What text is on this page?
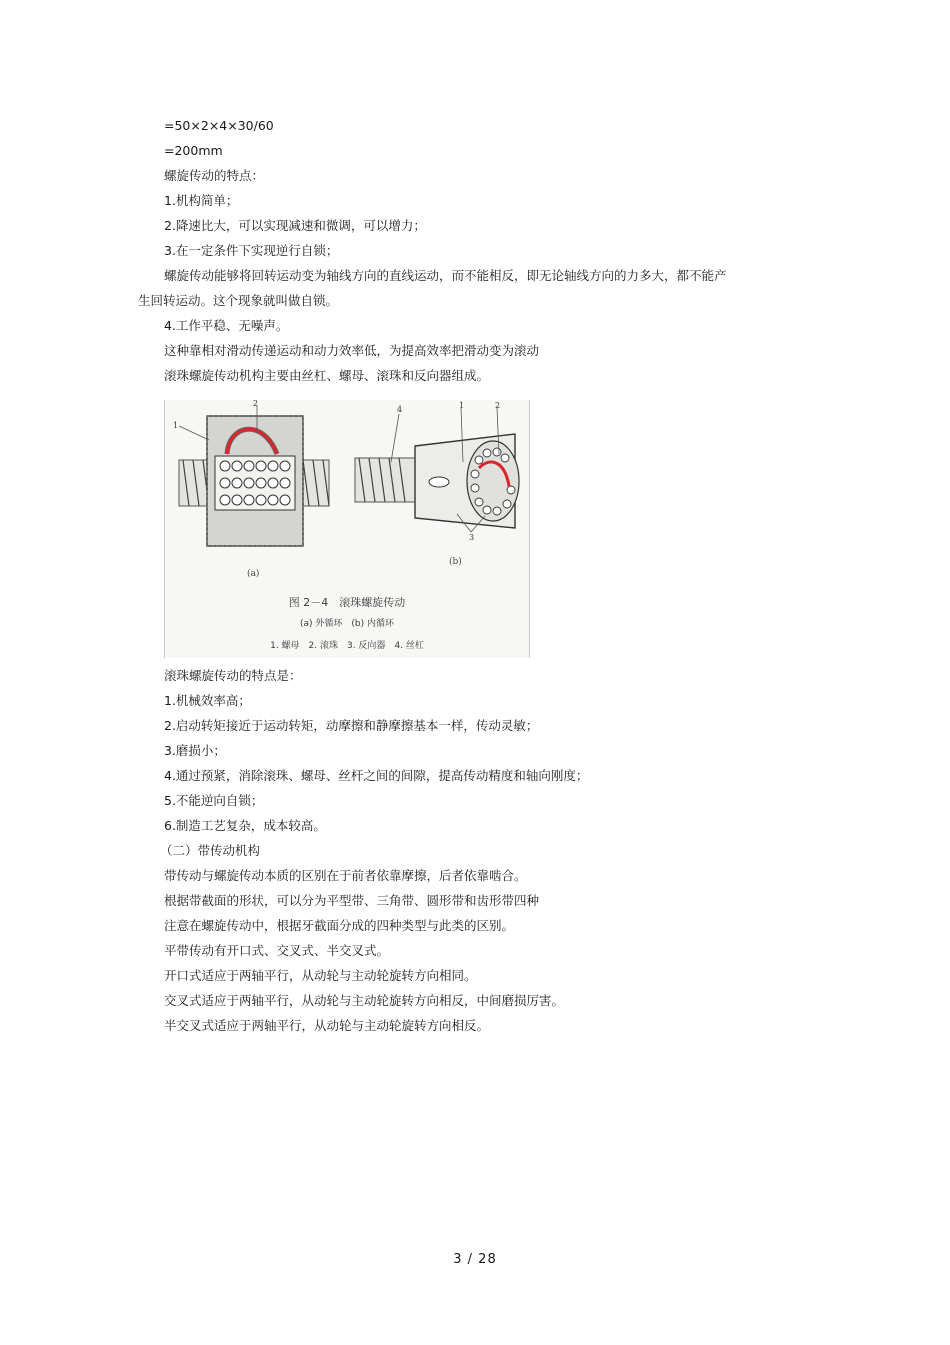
=50×2×4×30/60
=200mm
螺旋传动的特点：
1.机构简单；
2.降速比大，可以实现减速和微调，可以增力；
3.在一定条件下实现逆行自锁；
螺旋传动能够将回转运动变为轴线方向的直线运动，而不能相反，即无论轴线方向的力多大，都不能产
生回转运动。这个现象就叫做自锁。
4.工作平稳、无噪声。
这种靠相对滑动传递运动和动力效率低，为提高效率把滑动变为滚动
滚珠螺旋传动机构主要由丝杠、螺母、滚珠和反向器组成。
1
2
4	1	2
3
(a)
(b)
图 2－4　滚珠螺旋传动
(a) 外循环　(b) 内循环
1. 螺母　2. 滚珠　3. 反向器　4. 丝杠
滚珠螺旋传动的特点是：
1.机械效率高；
2.启动转矩接近于运动转矩，动摩擦和静摩擦基本一样，传动灵敏；
3.磨损小；
4.通过预紧，消除滚珠、螺母、丝杆之间的间隙，提高传动精度和轴向刚度；
5.不能逆向自锁；
6.制造工艺复杂，成本较高。
（二）带传动机构
带传动与螺旋传动本质的区别在于前者依靠摩擦，后者依靠啮合。
根据带截面的形状，可以分为平型带、三角带、圆形带和齿形带四种
注意在螺旋传动中，根据牙截面分成的四种类型与此类的区别。
平带传动有开口式、交叉式、半交叉式。
开口式适应于两轴平行，从动轮与主动轮旋转方向相同。
交叉式适应于两轴平行，从动轮与主动轮旋转方向相反，中间磨损厉害。
半交叉式适应于两轴平行，从动轮与主动轮旋转方向相反。
3 / 28
